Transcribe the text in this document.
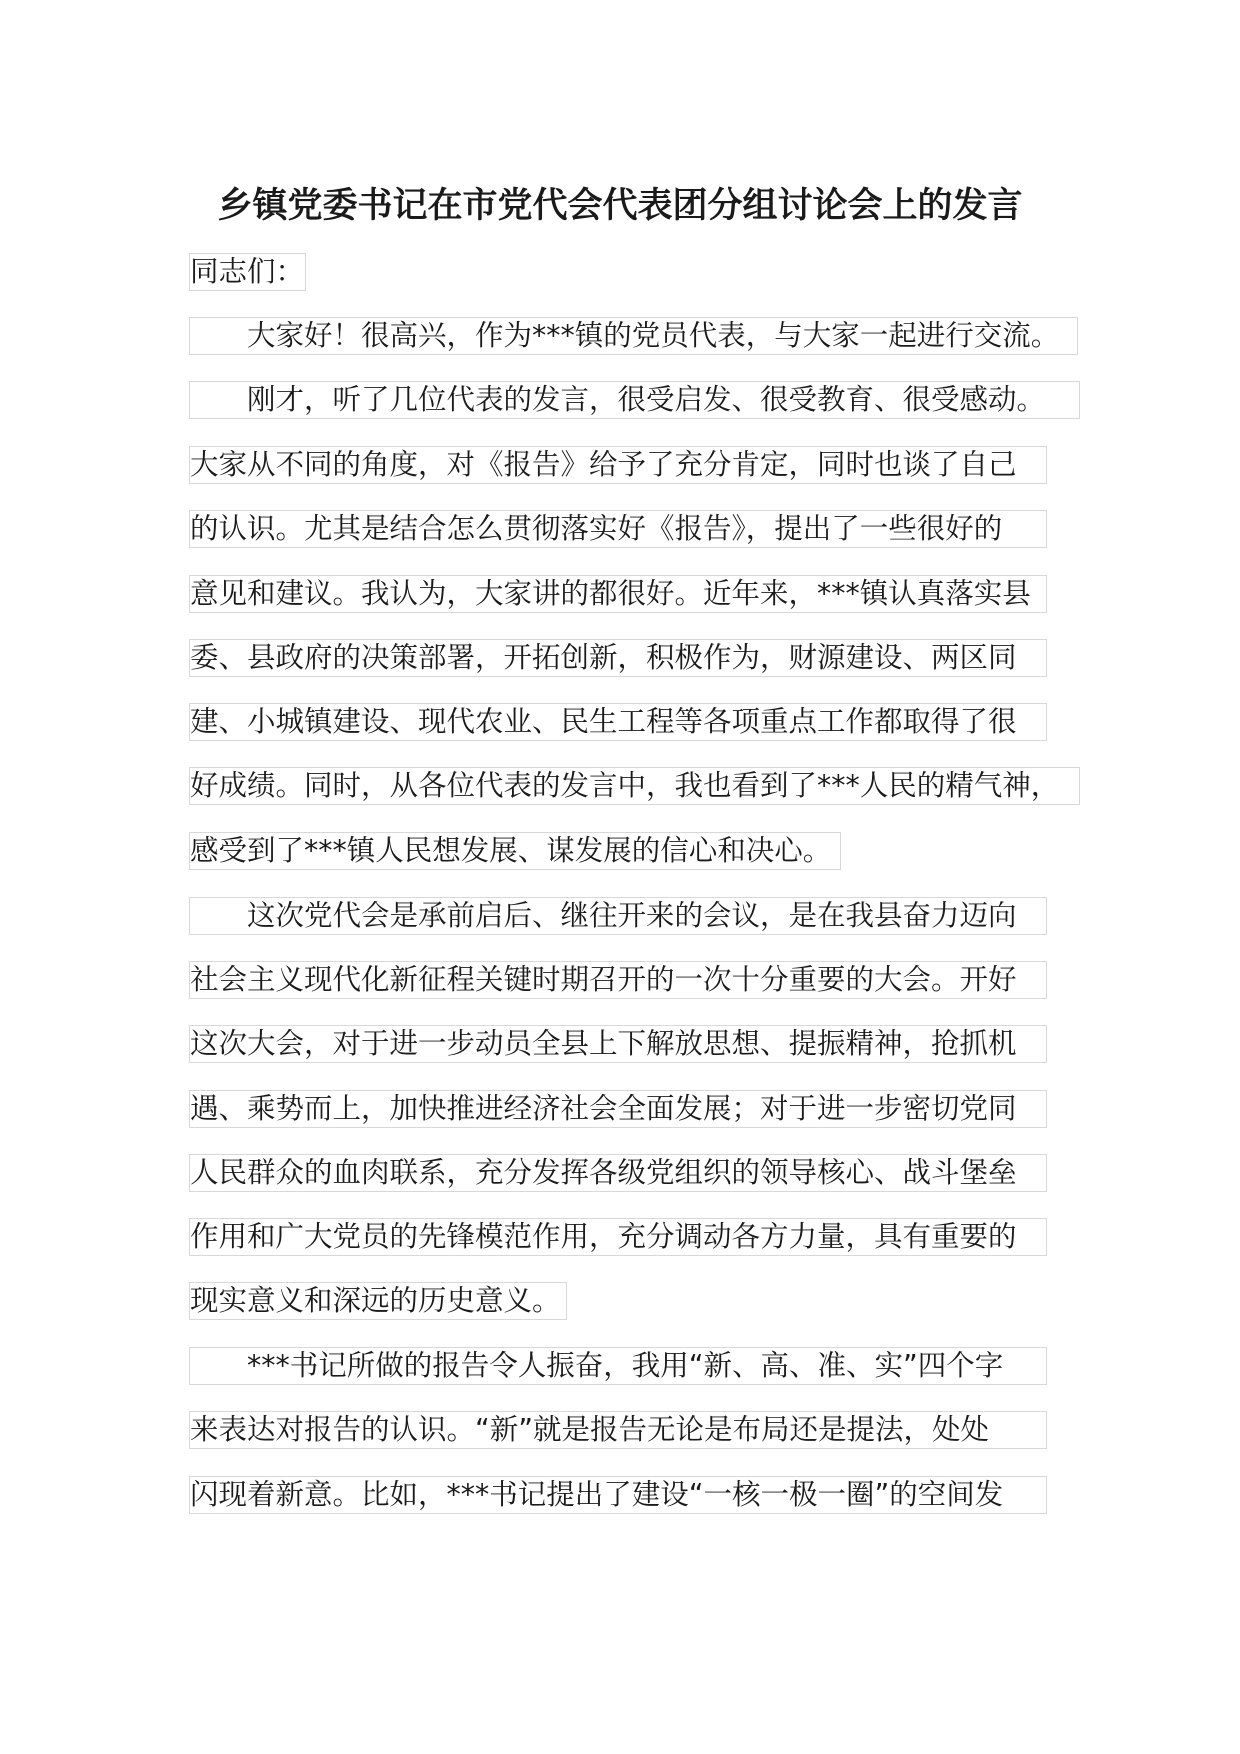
乡镇党委书记在市党代会代表团分组讨论会上的发言
同志们：
大家好！很高兴，作为***镇的党员代表，与大家一起进行交流。
刚才，听了几位代表的发言，很受启发、很受教育、很受感动。
大家从不同的角度，对《报告》给予了充分肯定，同时也谈了自己
的认识。尤其是结合怎么贯彻落实好《报告》，提出了一些很好的
意见和建议。我认为，大家讲的都很好。近年来，***镇认真落实县
委、县政府的决策部署，开拓创新，积极作为，财源建设、两区同
建、小城镇建设、现代农业、民生工程等各项重点工作都取得了很
好成绩。同时，从各位代表的发言中，我也看到了***人民的精气神，
感受到了***镇人民想发展、谋发展的信心和决心。
这次党代会是承前启后、继往开来的会议，是在我县奋力迈向
社会主义现代化新征程关键时期召开的一次十分重要的大会。开好
这次大会，对于进一步动员全县上下解放思想、提振精神，抢抓机
遇、乘势而上，加快推进经济社会全面发展；对于进一步密切党同
人民群众的血肉联系，充分发挥各级党组织的领导核心、战斗堡垒
作用和广大党员的先锋模范作用，充分调动各方力量，具有重要的
现实意义和深远的历史意义。
***书记所做的报告令人振奋，我用“新、高、准、实”四个字
来表达对报告的认识。“新”就是报告无论是布局还是提法，处处
闪现着新意。比如，***书记提出了建设“一核一极一圈”的空间发
